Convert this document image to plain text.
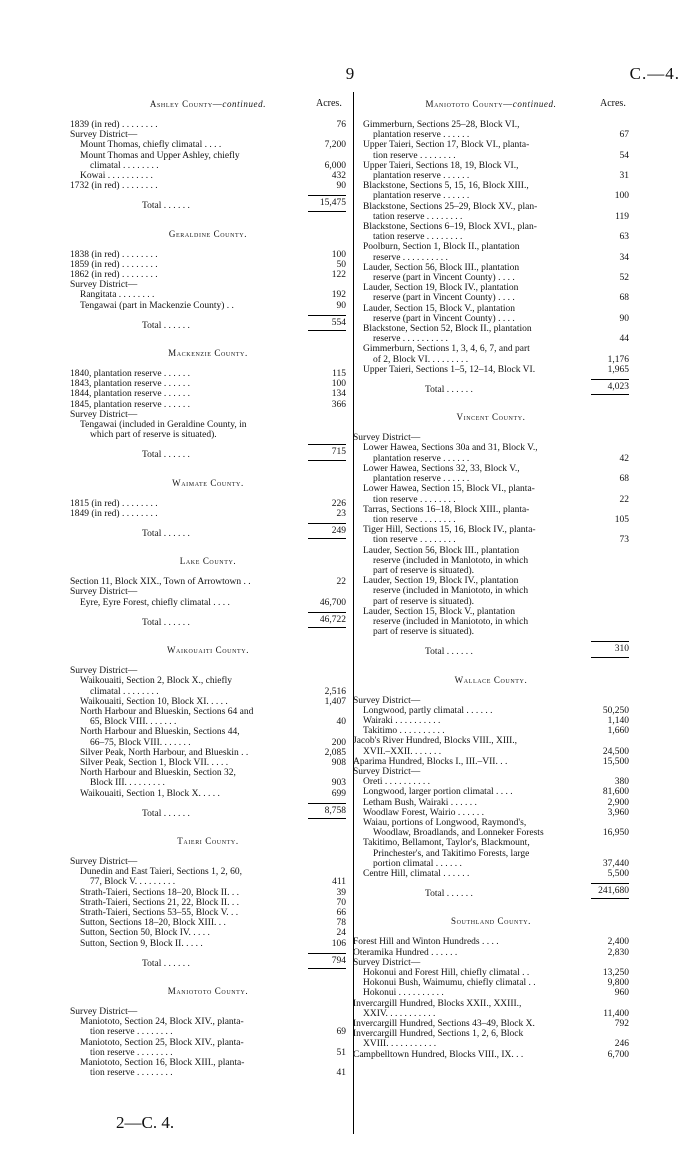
9	C.—4.
Acres.	Acres.
Ashley County—continued.
1839 (in red) . . . . . . . .	76
Survey District—
Mount Thomas, chiefly climatal . . . .	7,200
Mount Thomas and Upper Ashley, chiefly
climatal . . . . . . . .	6,000
Kowai . . . . . . . . . .	432
1732 (in red) . . . . . . . .	90
Total . . . . . .	15,475
Geraldine County.
1838 (in red) . . . . . . . .	100
1859 (in red) . . . . . . . .	50
1862 (in red) . . . . . . . .	122
Survey District—
Rangitata . . . . . . . .	192
Tengawai (part in Mackenzie County) . .	90
Total . . . . . .	554
Mackenzie County.
1840, plantation reserve . . . . . .	115
1843, plantation reserve . . . . . .	100
1844, plantation reserve . . . . . .	134
1845, plantation reserve . . . . . .	366
Survey District—
Tengawai (included in Geraldine County, in
which part of reserve is situated).
Total . . . . . .	715
Waimate County.
1815 (in red) . . . . . . . .	226
1849 (in red) . . . . . . . .	23
Total . . . . . .	249
Lake County.
Section 11, Block XIX., Town of Arrowtown . .	22
Survey District—
Eyre, Eyre Forest, chiefly climatal . . . .	46,700
Total . . . . . .	46,722
Waikouaiti County.
Survey District—
Waikouaiti, Section 2, Block X., chiefly
climatal . . . . . . . .	2,516
Waikouaiti, Section 10, Block XI. . . . .	1,407
North Harbour and Blueskin, Sections 64 and
65, Block VIII. . . . . . .	40
North Harbour and Blueskin, Sections 44,
66–75, Block VIII. . . . . . .	200
Silver Peak, North Harbour, and Blueskin . .	2,085
Silver Peak, Section 1, Block VII. . . . .	908
North Harbour and Blueskin, Section 32,
Block III. . . . . . . . .	903
Waikouaiti, Section 1, Block X. . . . .	699
Total . . . . . .	8,758
Taieri County.
Survey District—
Dunedin and East Taieri, Sections 1, 2, 60,
77, Block V. . . . . . . . .	411
Strath-Taieri, Sections 18–20, Block II. . .	39
Strath-Taieri, Sections 21, 22, Block II. . .	70
Strath-Taieri, Sections 53–55, Block V. . .	66
Sutton, Sections 18–20, Block XIII. . .	78
Sutton, Section 50, Block IV. . . . .	24
Sutton, Section 9, Block II. . . . .	106
Total . . . . . .	794
Maniototo County.
Survey District—
Maniototo, Section 24, Block XIV., planta-
tion reserve . . . . . . . .	69
Maniototo, Section 25, Block XIV., planta-
tion reserve . . . . . . . .	51
Maniototo, Section 16, Block XIII., planta-
tion reserve . . . . . . . .	41
Maniototo County—continued.
Gimmerburn, Sections 25–28, Block VI.,
plantation reserve . . . . . .	67
Upper Taieri, Section 17, Block VI., planta-
tion reserve . . . . . . . .	54
Upper Taieri, Sections 18, 19, Block VI.,
plantation reserve . . . . . .	31
Blackstone, Sections 5, 15, 16, Block XIII.,
plantation reserve . . . . . .	100
Blackstone, Sections 25–29, Block XV., plan-
tation reserve . . . . . . . .	119
Blackstone, Sections 6–19, Block XVI., plan-
tation reserve . . . . . . . .	63
Poolburn, Section 1, Block II., plantation
reserve . . . . . . . . . .	34
Lauder, Section 56, Block III., plantation
reserve (part in Vincent County) . . . .	52
Lauder, Section 19, Block IV., plantation
reserve (part in Vincent County) . . . .	68
Lauder, Section 15, Block V., plantation
reserve (part in Vincent County) . . . .	90
Blackstone, Section 52, Block II., plantation
reserve . . . . . . . . . .	44
Gimmerburn, Sections 1, 3, 4, 6, 7, and part
of 2, Block VI. . . . . . . . .	1,176
Upper Taieri, Sections 1–5, 12–14, Block VI.	1,965
Total . . . . . .	4,023
Vincent County.
Survey District—
Lower Hawea, Sections 30a and 31, Block V.,
plantation reserve . . . . . .	42
Lower Hawea, Sections 32, 33, Block V.,
plantation reserve . . . . . .	68
Lower Hawea, Section 15, Block VI., planta-
tion reserve . . . . . . . .	22
Tarras, Sections 16–18, Block XIII., planta-
tion reserve . . . . . . . .	105
Tiger Hill, Sections 15, 16, Block IV., planta-
tion reserve . . . . . . . .	73
Lauder, Section 56, Block III., plantation
reserve (included in Manlototo, in which
part of reserve is situated).
Lauder, Section 19, Block IV., plantation
reserve (included in Maniototo, in which
part of reserve is situated).
Lauder, Section 15, Block V., plantation
reserve (included in Maniototo, in which
part of reserve is situated).
Total . . . . . .	310
Wallace County.
Survey District—
Longwood, partly climatal . . . . . .	50,250
Wairaki . . . . . . . . . .	1,140
Takitimo . . . . . . . . . .	1,660
Jacob's River Hundred, Blocks VIII., XIII.,
XVII.–XXII. . . . . . .	24,500
Aparima Hundred, Blocks I., III.–VII. . .	15,500
Survey District—
Oreti . . . . . . . . . .	380
Longwood, larger portion climatal . . . .	81,600
Letham Bush, Wairaki . . . . . .	2,900
Woodlaw Forest, Wairio . . . . . .	3,960
Waiau, portions of Longwood, Raymond's,
Woodlaw, Broadlands, and Lonneker Forests	16,950
Takitimo, Bellamont, Taylor's, Blackmount,
Princhester's, and Takitimo Forests, large
portion climatal . . . . . .	37,440
Centre Hill, climatal . . . . . .	5,500
Total . . . . . .	241,680
Southland County.
Forest Hill and Winton Hundreds . . . .	2,400
Oteramika Hundred . . . . . .	2,830
Survey District—
Hokonui and Forest Hill, chiefly climatal . .	13,250
Hokonui Bush, Waimumu, chiefly climatal . .	9,800
Hokonui . . . . . . . . . .	960
Invercargill Hundred, Blocks XXII., XXIII.,
XXIV. . . . . . . . . . .	11,400
Invercargill Hundred, Sections 43–49, Block X.	792
Invercargill Hundred, Sections 1, 2, 6, Block
XVIII. . . . . . . . . . .	246
Campbelltown Hundred, Blocks VIII., IX. . .	6,700
2—C. 4.
